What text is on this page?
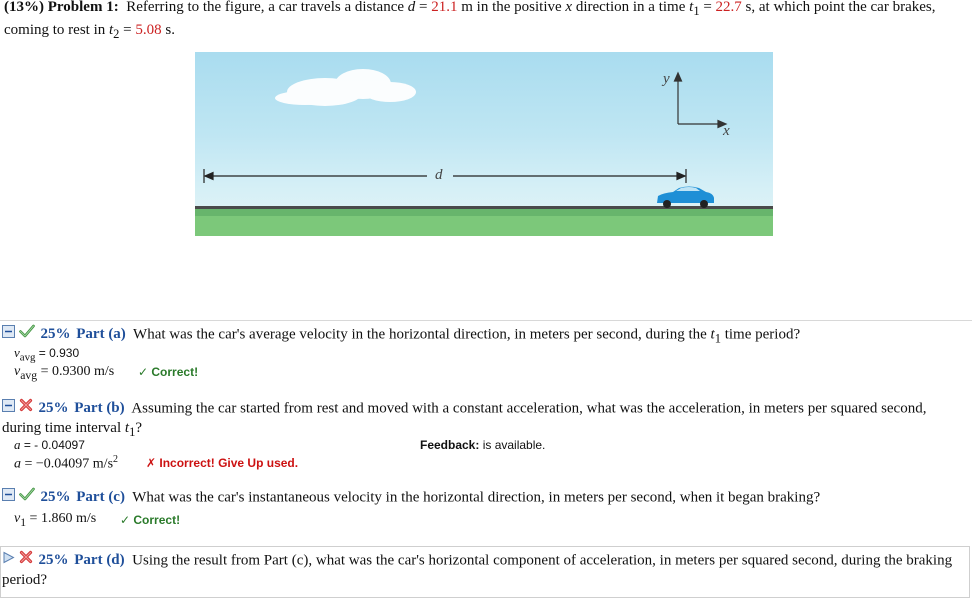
(13%) Problem 1: Referring to the figure, a car travels a distance d = 21.1 m in the positive x direction in a time $t_1 = 22.7$ s, at which point the car brakes, coming to rest in $t_2 = 5.08$ s.
y
x
d
25% Part (a) What was the car's average velocity in the horizontal direction, in meters per second, during the $t_1$ time period?
$v_{avg} = 0.930$
$v_{avg} = 0.9300$ m/s ✓ Correct!
25% Part (b) Assuming the car started from rest and moved with a constant acceleration, what was the acceleration, in meters per squared second, during time interval $t_1$?
a = - 0.04097	Feedback: is available.
a = −0.04097 $m/s^2$ ✗ Incorrect! Give Up used.
25% Part (c) What was the car's instantaneous velocity in the horizontal direction, in meters per second, when it began braking?
$v_1 = 1.860$ m/s ✓ Correct!
25% Part (d) Using the result from Part (c), what was the car's horizontal component of acceleration, in meters per squared second, during the braking period?
